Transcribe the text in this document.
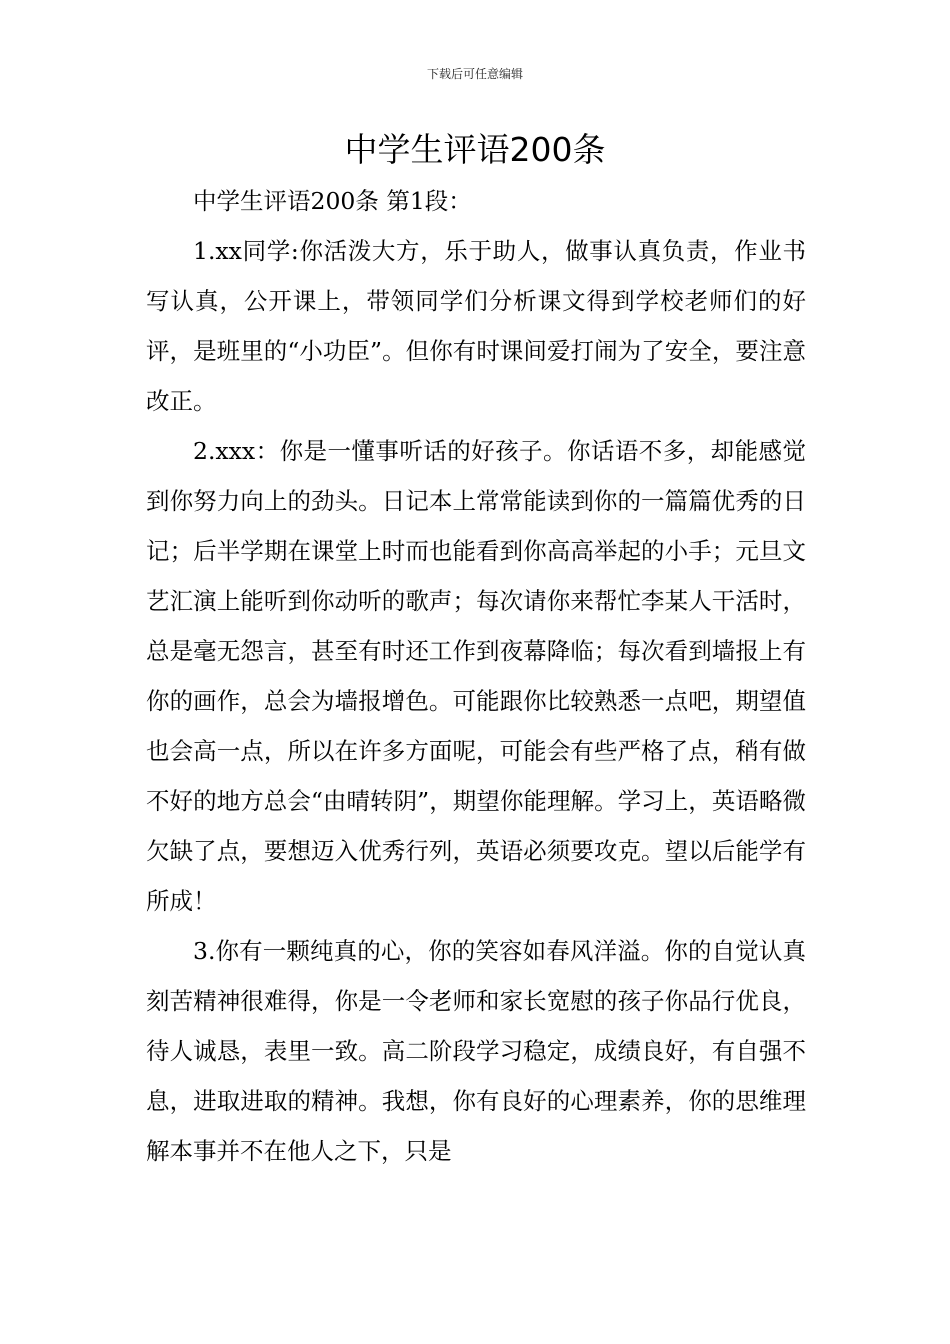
下载后可任意编辑
中学生评语200条

中学生评语200条 第1段：

1.xx同学:你活泼大方，乐于助人，做事认真负责，作业书写认真，公开课上，带领同学们分析课文得到学校老师们的好评，是班里的“小功臣”。但你有时课间爱打闹为了安全，要注意改正。

2.xxx：你是一懂事听话的好孩子。你话语不多，却能感觉到你努力向上的劲头。日记本上常常能读到你的一篇篇优秀的日记；后半学期在课堂上时而也能看到你高高举起的小手；元旦文艺汇演上能听到你动听的歌声；每次请你来帮忙李某人干活时，总是毫无怨言，甚至有时还工作到夜幕降临；每次看到墙报上有你的画作，总会为墙报增色。可能跟你比较熟悉一点吧，期望值也会高一点，所以在许多方面呢，可能会有些严格了点，稍有做不好的地方总会“由晴转阴”，期望你能理解。学习上，英语略微欠缺了点，要想迈入优秀行列，英语必须要攻克。望以后能学有所成！

3.你有一颗纯真的心，你的笑容如春风洋溢。你的自觉认真刻苦精神很难得，你是一令老师和家长宽慰的孩子你品行优良，待人诚恳，表里一致。高二阶段学习稳定，成绩良好，有自强不息，进取进取的精神。我想，你有良好的心理素养，你的思维理解本事并不在他人之下，只是
